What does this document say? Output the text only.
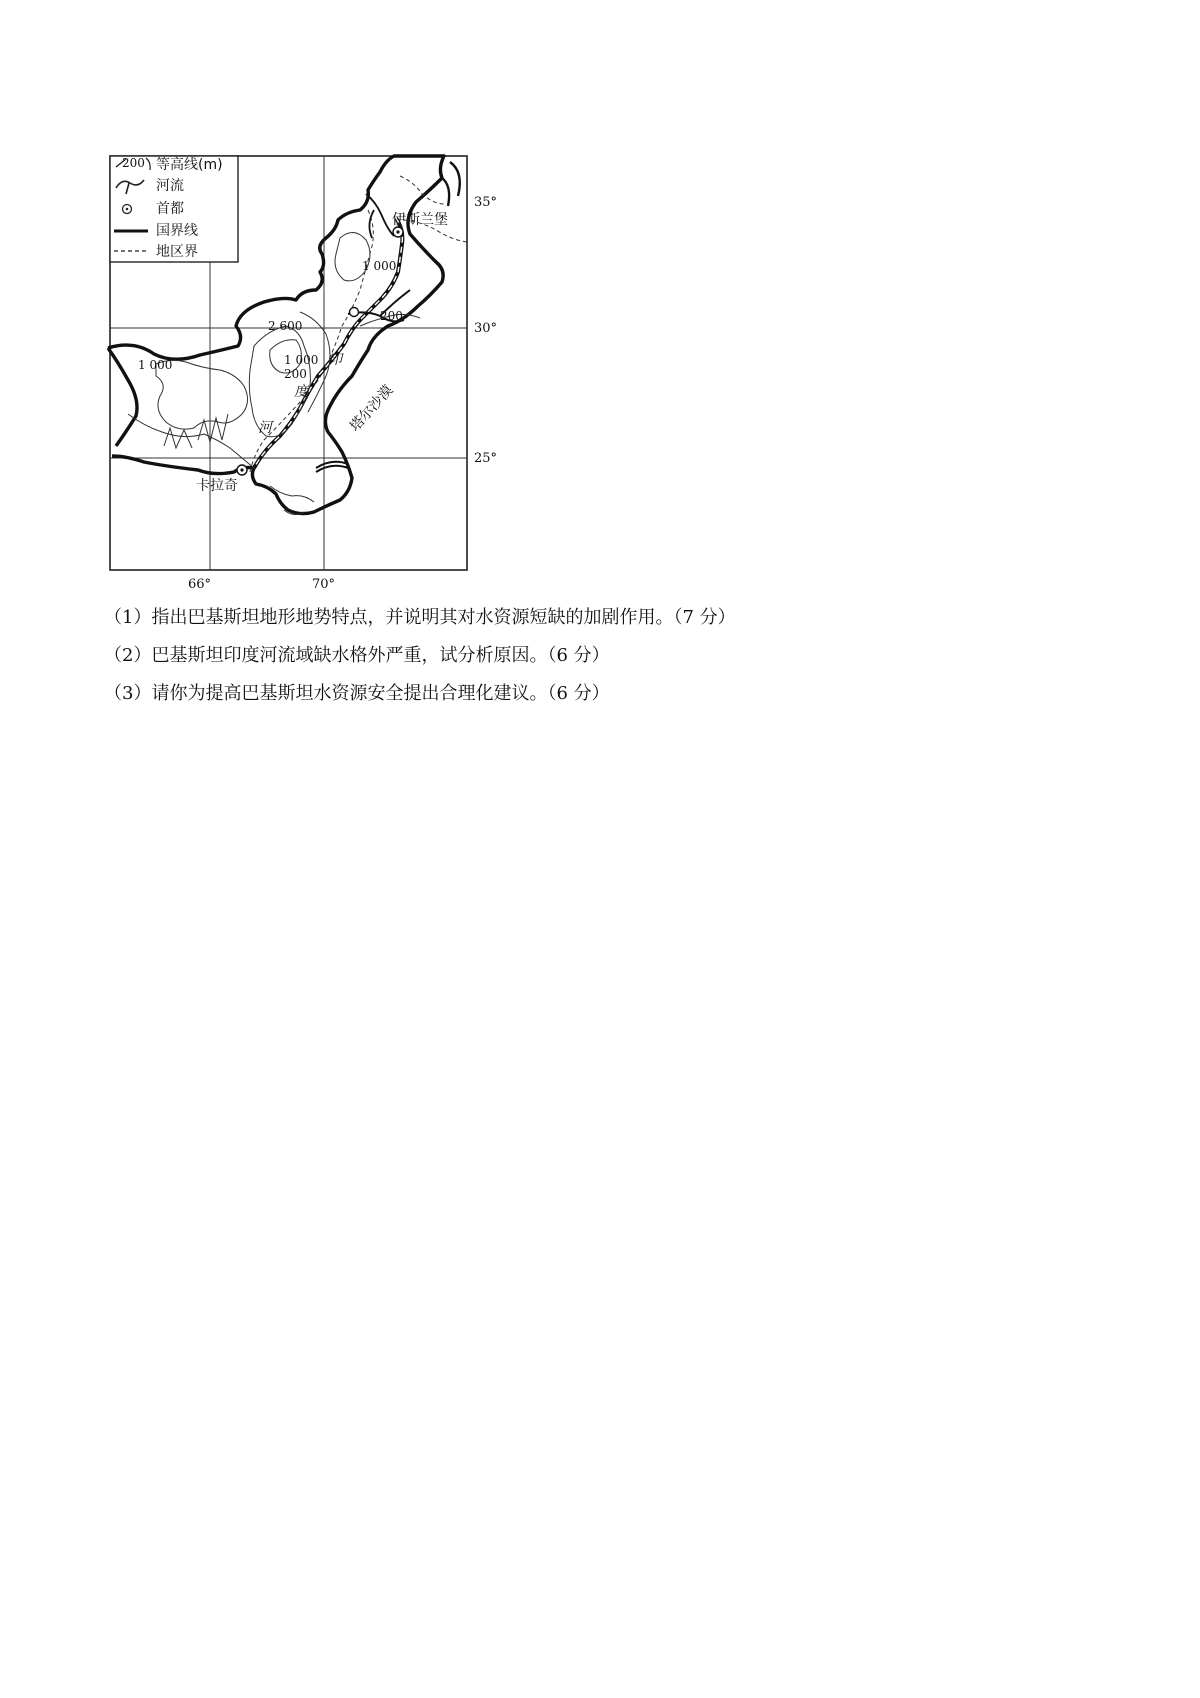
200 等高线(m)
河流
首都
国界线
地区界
伊斯兰堡
卡拉奇
塔尔沙漠
印
度
河
1 000
200
2 600
1 000
200
1 000
35°
30°
25°
66°	70°

（1）指出巴基斯坦地形地势特点，并说明其对水资源短缺的加剧作用。（7 分）

（2）巴基斯坦印度河流域缺水格外严重，试分析原因。（6 分）

（3）请你为提高巴基斯坦水资源安全提出合理化建议。（6 分）
